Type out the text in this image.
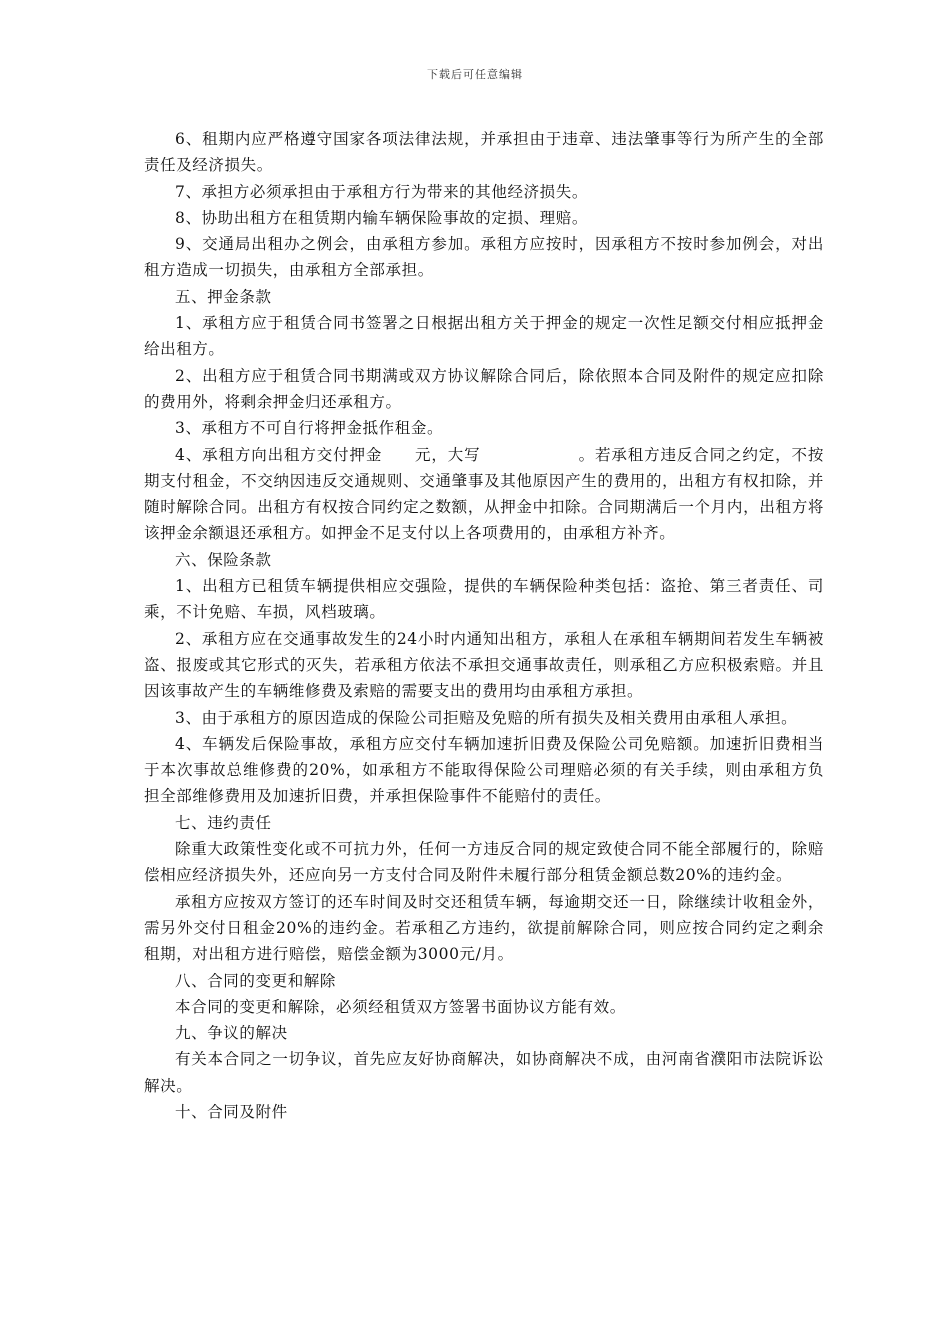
下载后可任意编辑

6、租期内应严格遵守国家各项法律法规，并承担由于违章、违法肇事等行为所产生的全部责任及经济损失。

7、承担方必须承担由于承租方行为带来的其他经济损失。

8、协助出租方在租赁期内输车辆保险事故的定损、理赔。

9、交通局出租办之例会，由承租方参加。承租方应按时，因承租方不按时参加例会，对出租方造成一切损失，由承租方全部承担。

五、押金条款

1、承租方应于租赁合同书签署之日根据出租方关于押金的规定一次性足额交付相应抵押金给出租方。

2、出租方应于租赁合同书期满或双方协议解除合同后，除依照本合同及附件的规定应扣除的费用外，将剩余押金归还承租方。

3、承租方不可自行将押金抵作租金。

4、承租方向出租方交付押金　　元，大写　　　　　　。若承租方违反合同之约定，不按期支付租金，不交纳因违反交通规则、交通肇事及其他原因产生的费用的，出租方有权扣除，并随时解除合同。出租方有权按合同约定之数额，从押金中扣除。合同期满后一个月内，出租方将该押金余额退还承租方。如押金不足支付以上各项费用的，由承租方补齐。

六、保险条款

1、出租方已租赁车辆提供相应交强险，提供的车辆保险种类包括：盗抢、第三者责任、司乘，不计免赔、车损，风档玻璃。

2、承租方应在交通事故发生的24小时内通知出租方，承租人在承租车辆期间若发生车辆被盗、报废或其它形式的灭失，若承租方依法不承担交通事故责任，则承租乙方应积极索赔。并且因该事故产生的车辆维修费及索赔的需要支出的费用均由承租方承担。

3、由于承租方的原因造成的保险公司拒赔及免赔的所有损失及相关费用由承租人承担。

4、车辆发后保险事故，承租方应交付车辆加速折旧费及保险公司免赔额。加速折旧费相当于本次事故总维修费的20%，如承租方不能取得保险公司理赔必须的有关手续，则由承租方负担全部维修费用及加速折旧费，并承担保险事件不能赔付的责任。

七、违约责任

除重大政策性变化或不可抗力外，任何一方违反合同的规定致使合同不能全部履行的，除赔偿相应经济损失外，还应向另一方支付合同及附件未履行部分租赁金额总数20%的违约金。

承租方应按双方签订的还车时间及时交还租赁车辆，每逾期交还一日，除继续计收租金外，需另外交付日租金20%的违约金。若承租乙方违约，欲提前解除合同，则应按合同约定之剩余租期，对出租方进行赔偿，赔偿金额为3000元/月。

八、合同的变更和解除

本合同的变更和解除，必须经租赁双方签署书面协议方能有效。

九、争议的解决

有关本合同之一切争议，首先应友好协商解决，如协商解决不成，由河南省濮阳市法院诉讼解决。

十、合同及附件
